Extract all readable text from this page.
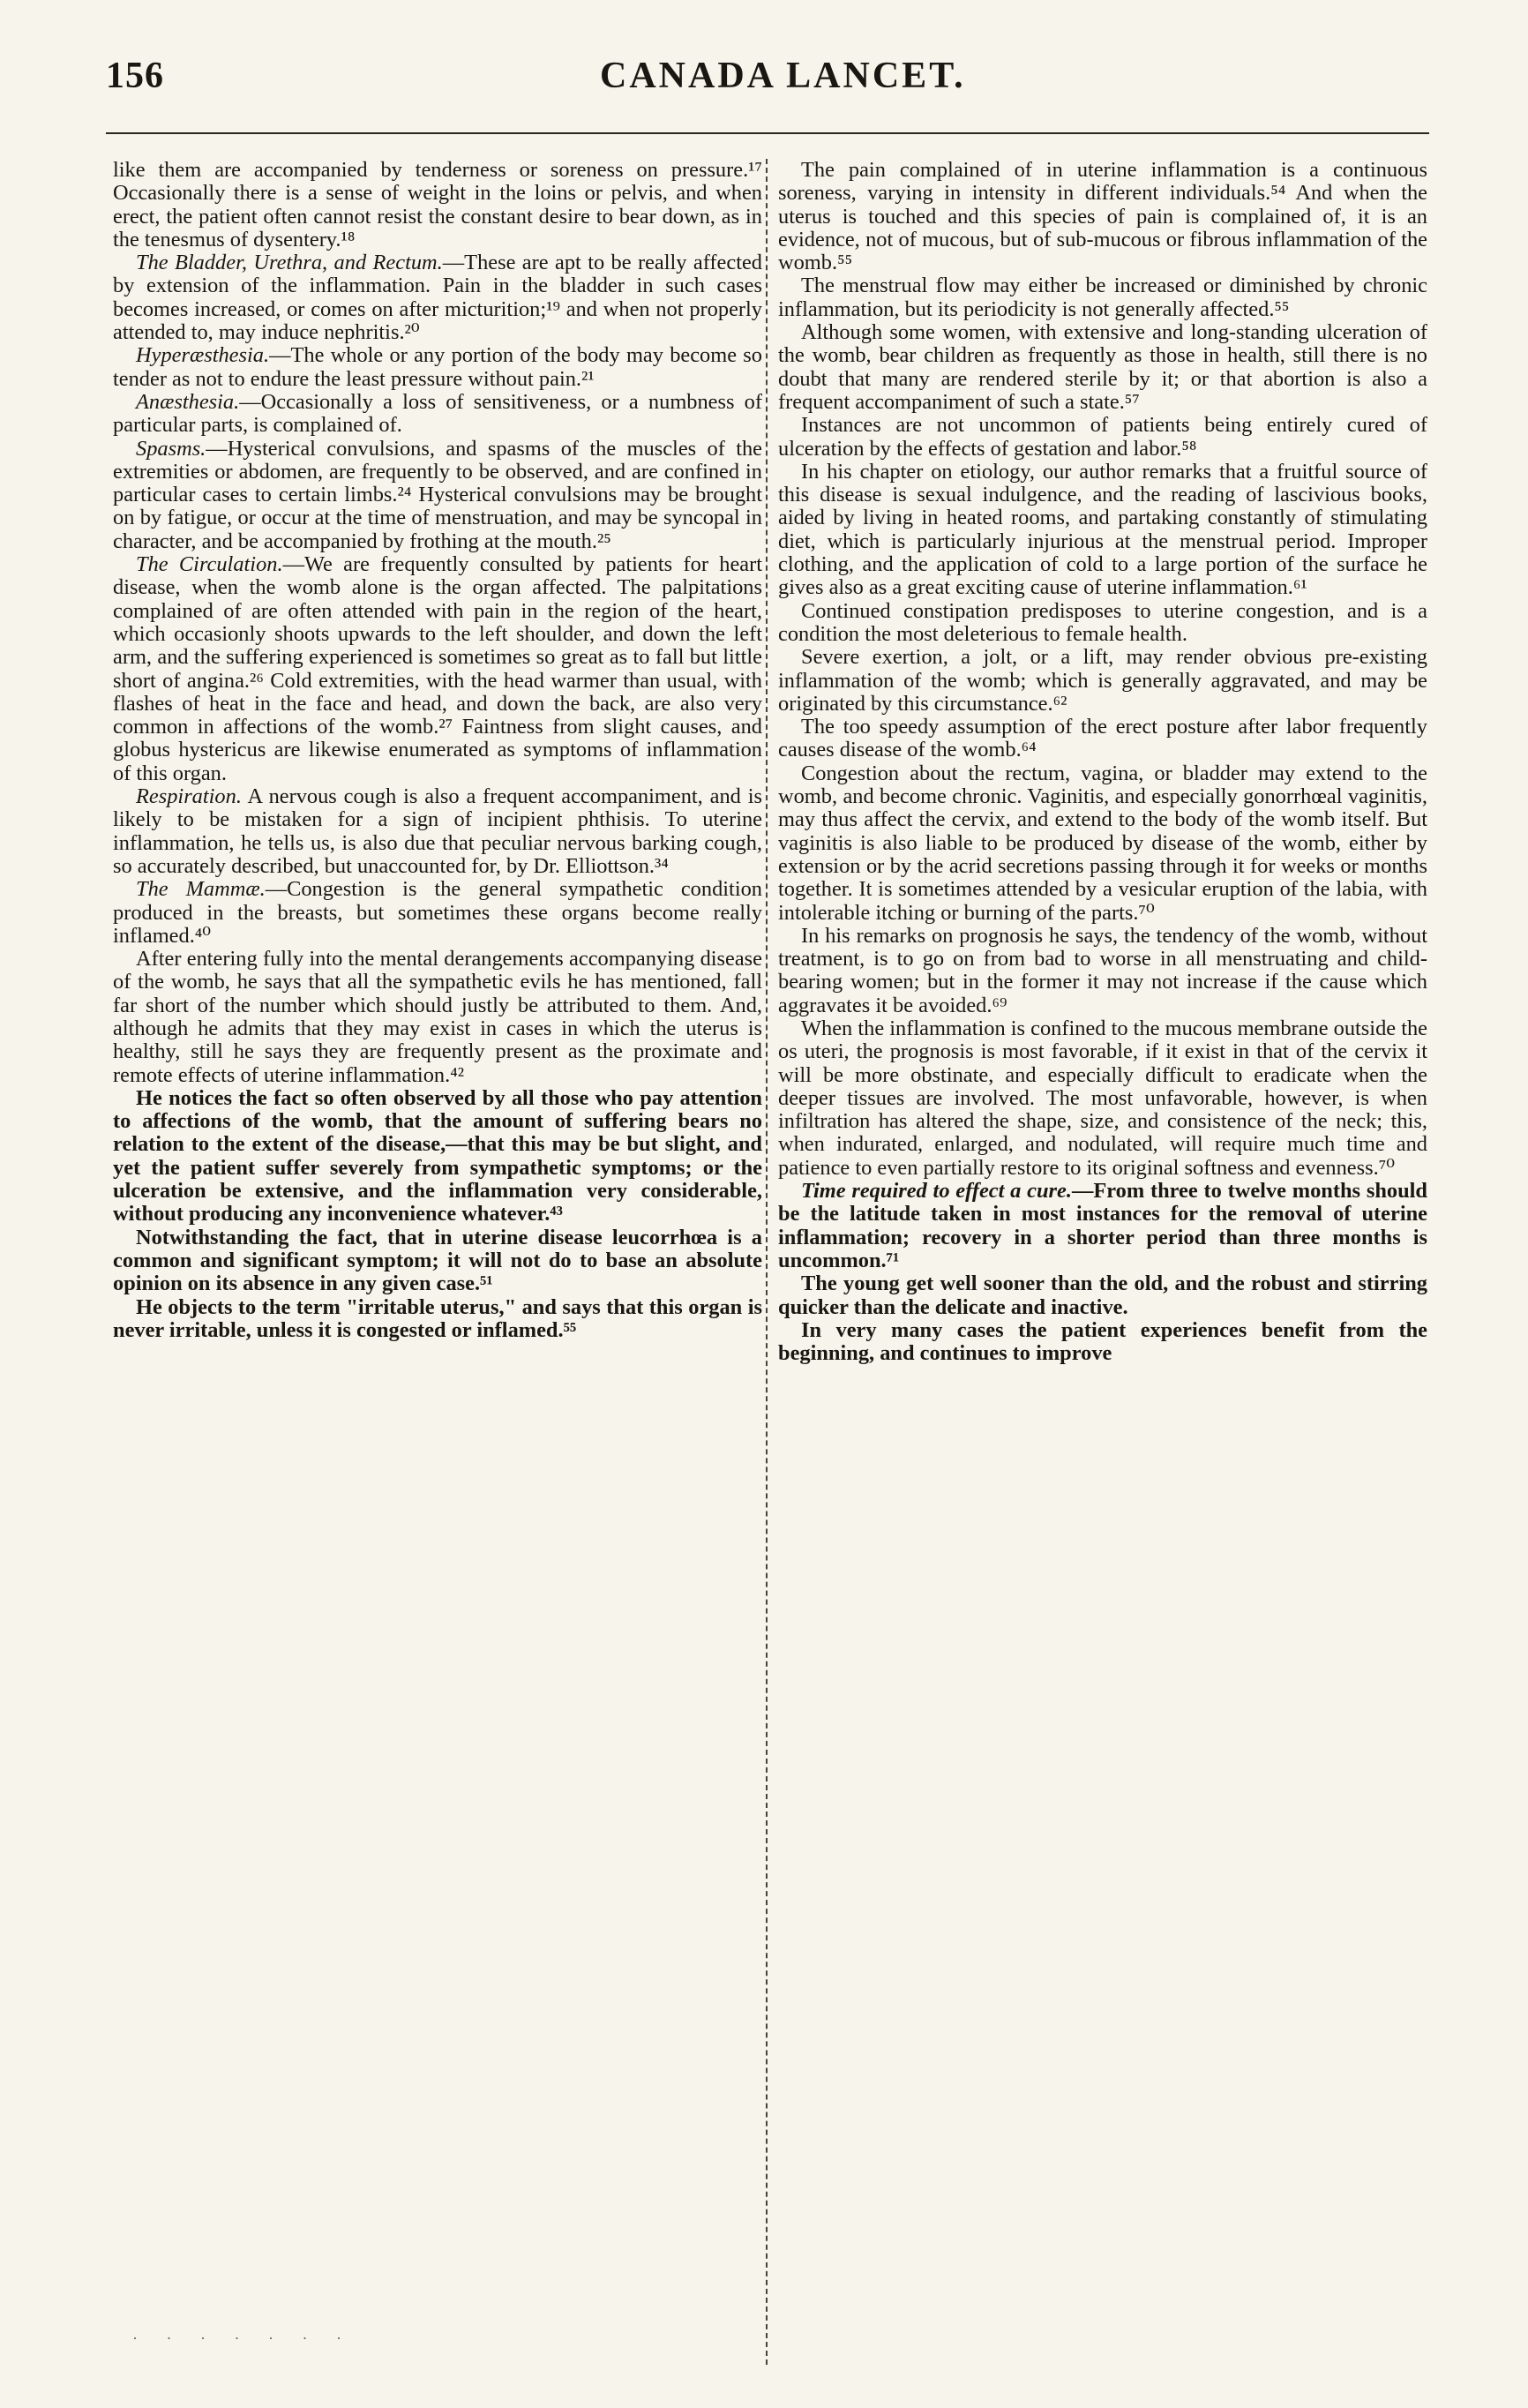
156	CANADA LANCET.

like them are accompanied by tenderness or soreness on pressure.¹⁷ Occasionally there is a sense of weight in the loins or pelvis, and when erect, the patient often cannot resist the constant desire to bear down, as in the tenesmus of dysentery.¹⁸

The Bladder, Urethra, and Rectum.—These are apt to be really affected by extension of the inflammation. Pain in the bladder in such cases becomes increased, or comes on after micturition;¹⁹ and when not properly attended to, may induce nephritis.²⁰

Hyperæsthesia.—The whole or any portion of the body may become so tender as not to endure the least pressure without pain.²¹

Anæsthesia.—Occasionally a loss of sensitiveness, or a numbness of particular parts, is complained of.

Spasms.—Hysterical convulsions, and spasms of the muscles of the extremities or abdomen, are frequently to be observed, and are confined in particular cases to certain limbs.²⁴ Hysterical convulsions may be brought on by fatigue, or occur at the time of menstruation, and may be syncopal in character, and be accompanied by frothing at the mouth.²⁵

The Circulation.—We are frequently consulted by patients for heart disease, when the womb alone is the organ affected. The palpitations complained of are often attended with pain in the region of the heart, which occasionly shoots upwards to the left shoulder, and down the left arm, and the suffering experienced is sometimes so great as to fall but little short of angina.²⁶ Cold extremities, with the head warmer than usual, with flashes of heat in the face and head, and down the back, are also very common in affections of the womb.²⁷ Faintness from slight causes, and globus hystericus are likewise enumerated as symptoms of inflammation of this organ.

Respiration. A nervous cough is also a frequent accompaniment, and is likely to be mistaken for a sign of incipient phthisis. To uterine inflammation, he tells us, is also due that peculiar nervous barking cough, so accurately described, but unaccounted for, by Dr. Elliottson.³⁴

The Mammæ.—Congestion is the general sympathetic condition produced in the breasts, but sometimes these organs become really inflamed.⁴⁰

After entering fully into the mental derangements accompanying disease of the womb, he says that all the sympathetic evils he has mentioned, fall far short of the number which should justly be attributed to them. And, although he admits that they may exist in cases in which the uterus is healthy, still he says they are frequently present as the proximate and remote effects of uterine inflammation.⁴²

He notices the fact so often observed by all those who pay attention to affections of the womb, that the amount of suffering bears no relation to the extent of the disease,—that this may be but slight, and yet the patient suffer severely from sympathetic symptoms; or the ulceration be extensive, and the inflammation very considerable, without producing any inconvenience whatever.⁴³

Notwithstanding the fact, that in uterine disease leucorrhœa is a common and significant symptom; it will not do to base an absolute opinion on its absence in any given case.⁵¹

He objects to the term "irritable uterus," and says that this organ is never irritable, unless it is congested or inflamed.⁵⁵

The pain complained of in uterine inflammation is a continuous soreness, varying in intensity in different individuals.⁵⁴ And when the uterus is touched and this species of pain is complained of, it is an evidence, not of mucous, but of sub-mucous or fibrous inflammation of the womb.⁵⁵

The menstrual flow may either be increased or diminished by chronic inflammation, but its periodicity is not generally affected.⁵⁵

Although some women, with extensive and long-standing ulceration of the womb, bear children as frequently as those in health, still there is no doubt that many are rendered sterile by it; or that abortion is also a frequent accompaniment of such a state.⁵⁷

Instances are not uncommon of patients being entirely cured of ulceration by the effects of gestation and labor.⁵⁸

In his chapter on etiology, our author remarks that a fruitful source of this disease is sexual indulgence, and the reading of lascivious books, aided by living in heated rooms, and partaking constantly of stimulating diet, which is particularly injurious at the menstrual period. Improper clothing, and the application of cold to a large portion of the surface he gives also as a great exciting cause of uterine inflammation.⁶¹

Continued constipation predisposes to uterine congestion, and is a condition the most deleterious to female health.

Severe exertion, a jolt, or a lift, may render obvious pre-existing inflammation of the womb; which is generally aggravated, and may be originated by this circumstance.⁶²

The too speedy assumption of the erect posture after labor frequently causes disease of the womb.⁶⁴

Congestion about the rectum, vagina, or bladder may extend to the womb, and become chronic. Vaginitis, and especially gonorrhœal vaginitis, may thus affect the cervix, and extend to the body of the womb itself. But vaginitis is also liable to be produced by disease of the womb, either by extension or by the acrid secretions passing through it for weeks or months together. It is sometimes attended by a vesicular eruption of the labia, with intolerable itching or burning of the parts.⁷⁰

In his remarks on prognosis he says, the tendency of the womb, without treatment, is to go on from bad to worse in all menstruating and child-bearing women; but in the former it may not increase if the cause which aggravates it be avoided.⁶⁹

When the inflammation is confined to the mucous membrane outside the os uteri, the prognosis is most favorable, if it exist in that of the cervix it will be more obstinate, and especially difficult to eradicate when the deeper tissues are involved. The most unfavorable, however, is when infiltration has altered the shape, size, and consistence of the neck; this, when indurated, enlarged, and nodulated, will require much time and patience to even partially restore to its original softness and evenness.⁷⁰

Time required to effect a cure.—From three to twelve months should be the latitude taken in most instances for the removal of uterine inflammation; recovery in a shorter period than three months is uncommon.⁷¹

The young get well sooner than the old, and the robust and stirring quicker than the delicate and inactive.

In very many cases the patient experiences benefit from the beginning, and continues to improve

· · · · · · ·
